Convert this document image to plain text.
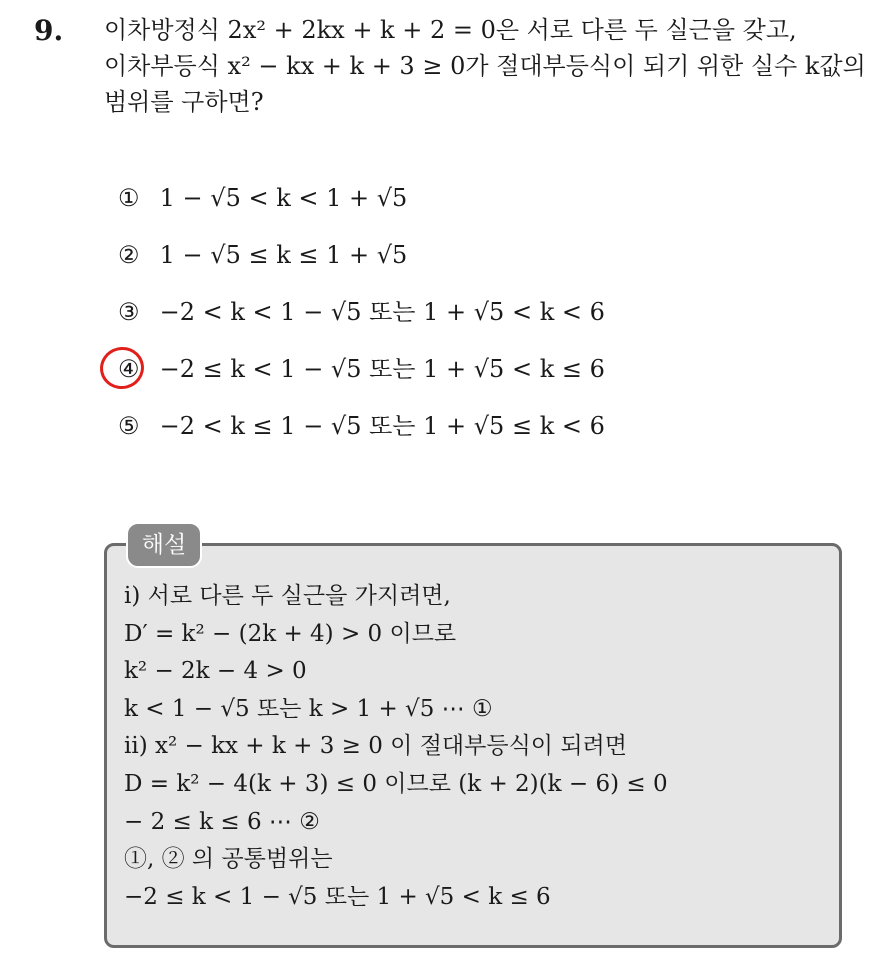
9. 이차방정식 2x² + 2kx + k + 2 = 0은 서로 다른 두 실근을 갖고,
이차부등식 x² − kx + k + 3 ≥ 0가 절대부등식이 되기 위한 실수 k값의
범위를 구하면?
① 1 − √5 < k < 1 + √5
② 1 − √5 ≤ k ≤ 1 + √5
③ −2 < k < 1 − √5 또는 1 + √5 < k < 6
④ −2 ≤ k < 1 − √5 또는 1 + √5 < k ≤ 6
⑤ −2 < k ≤ 1 − √5 또는 1 + √5 ≤ k < 6
해설
ⅰ) 서로 다른 두 실근을 가지려면,
D′ = k² − (2k + 4) > 0 이므로
k² − 2k − 4 > 0
k < 1 − √5 또는 k > 1 + √5 ⋯ ①
ⅱ) x² − kx + k + 3 ≥ 0 이 절대부등식이 되려면
D = k² − 4(k + 3) ≤ 0 이므로 (k + 2)(k − 6) ≤ 0
− 2 ≤ k ≤ 6 ⋯ ②
①, ② 의 공통범위는
−2 ≤ k < 1 − √5 또는 1 + √5 < k ≤ 6
